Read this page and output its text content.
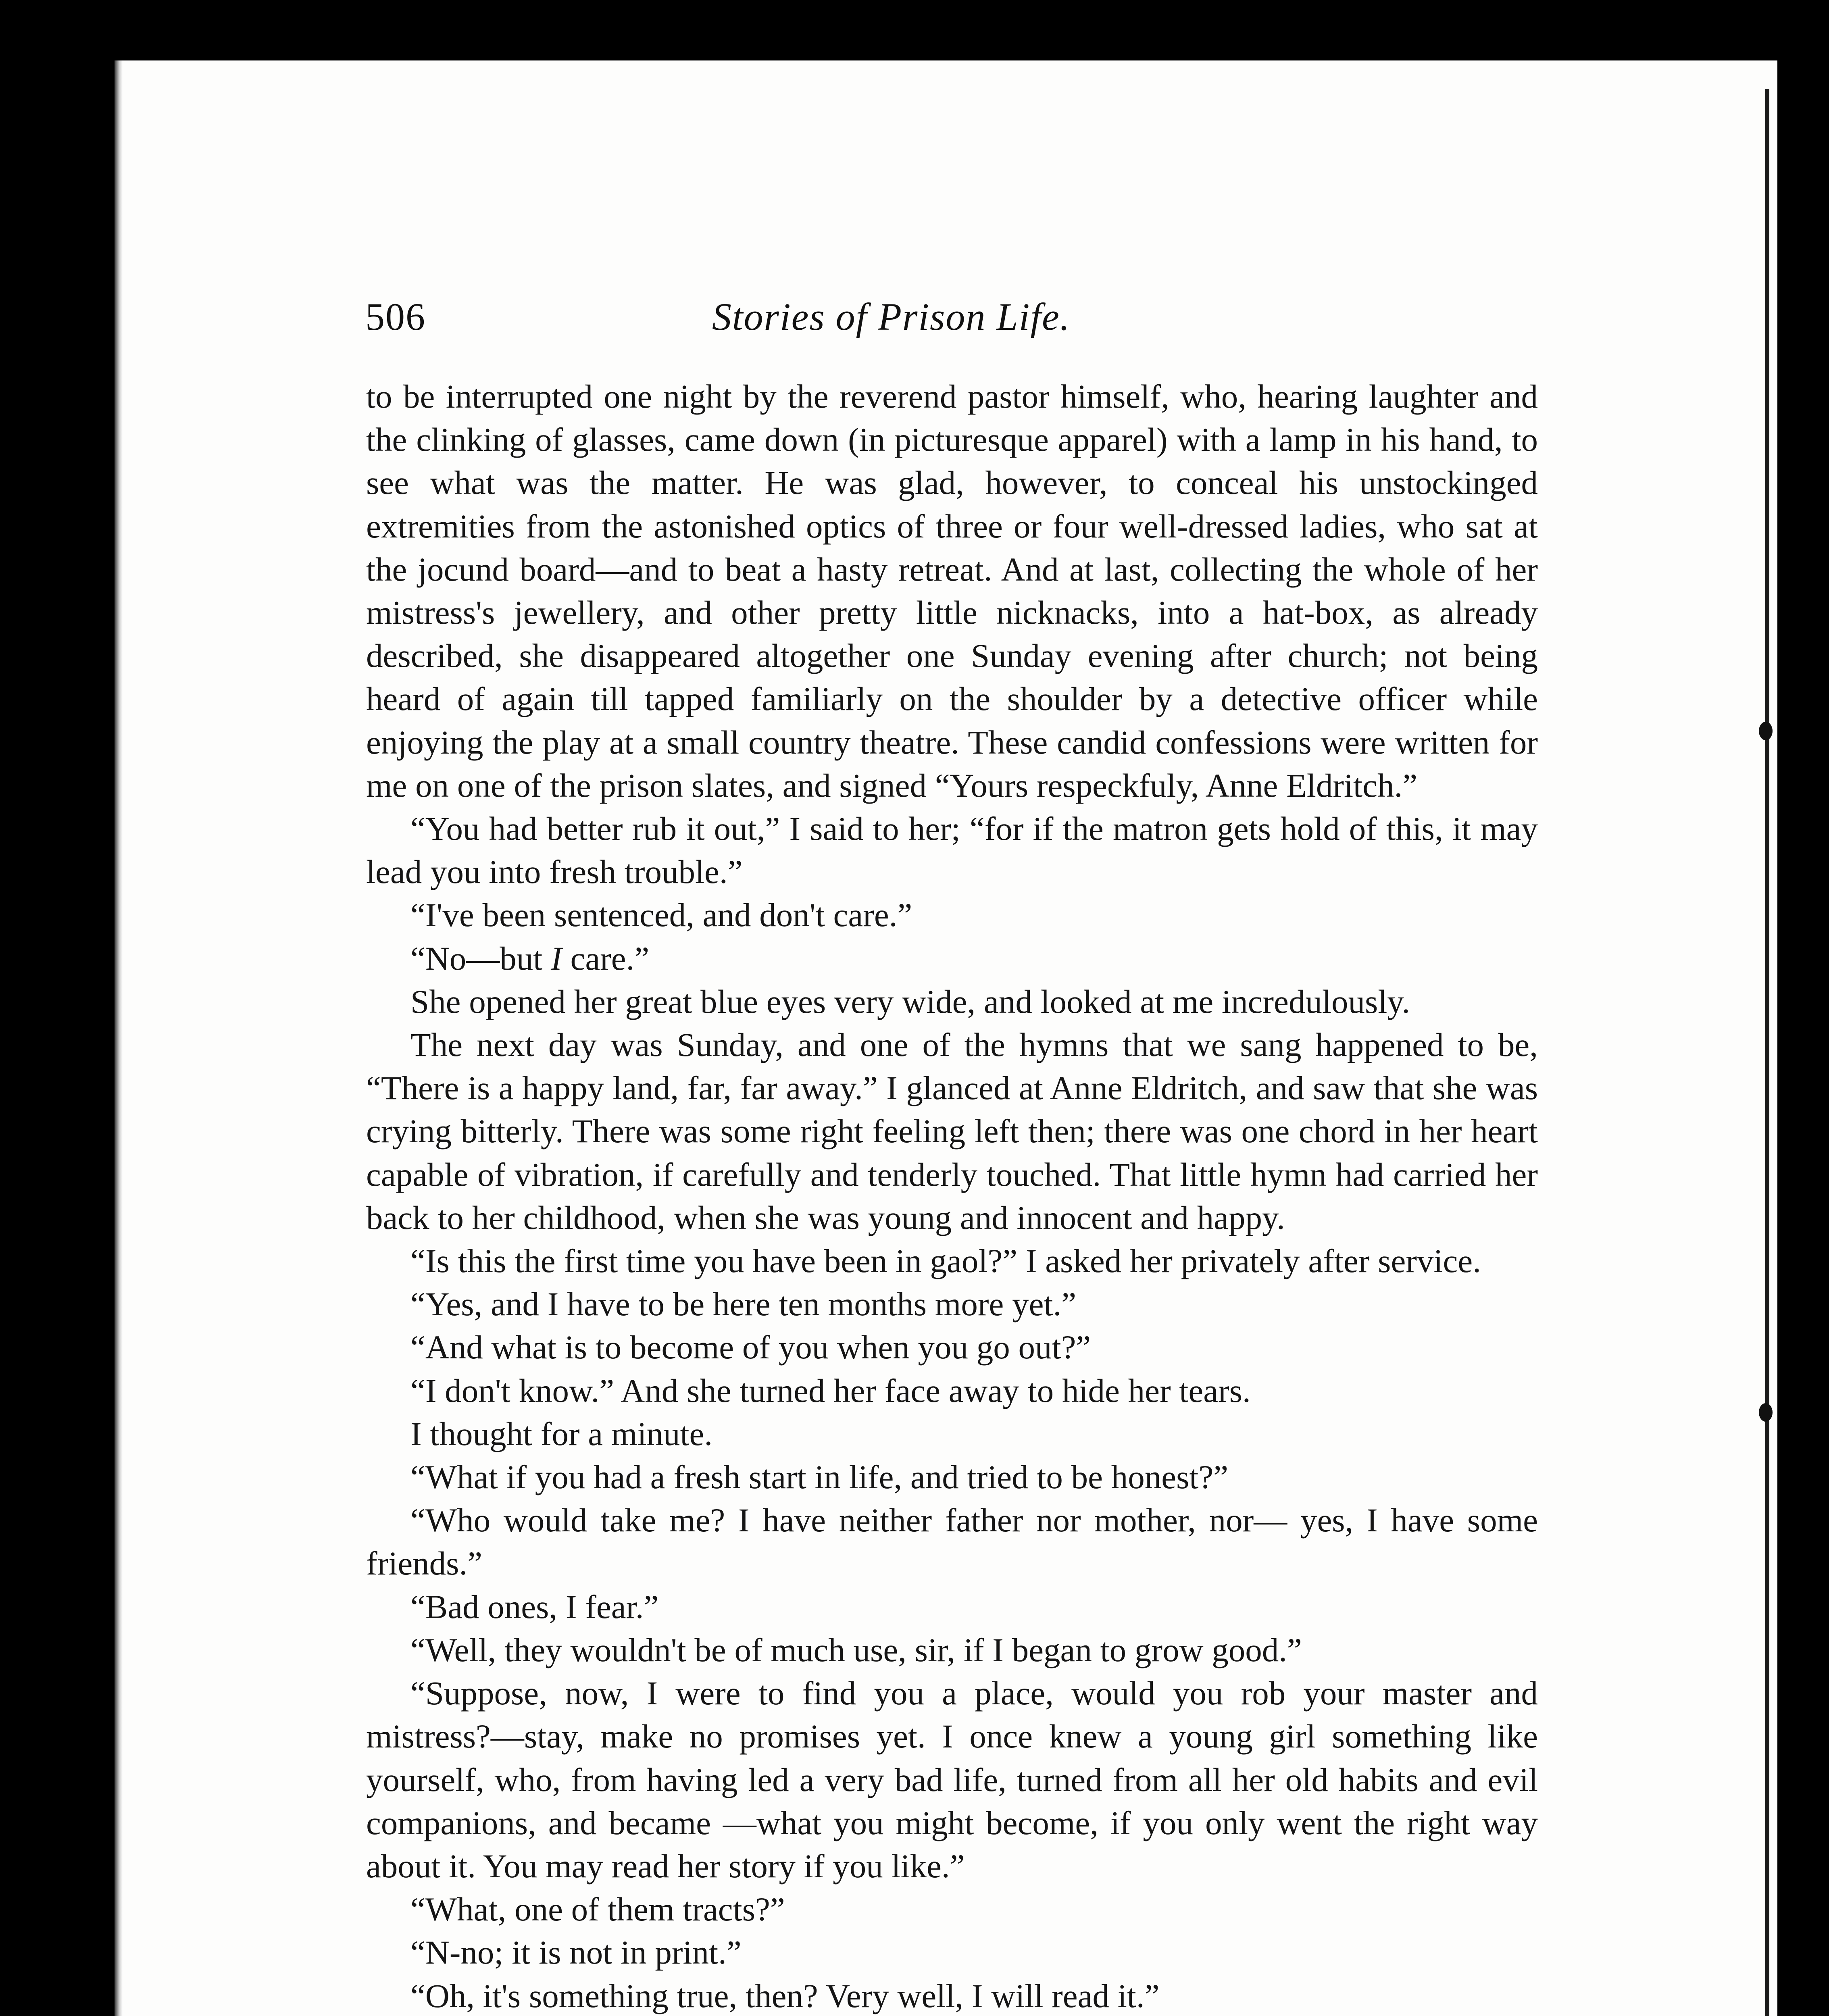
506	Stories of Prison Life.

to be interrupted one night by the reverend pastor himself, who, hearing laughter and the clinking of glasses, came down (in picturesque apparel) with a lamp in his hand, to see what was the matter. He was glad, however, to conceal his unstockinged extremities from the astonished optics of three or four well-dressed ladies, who sat at the jocund board—and to beat a hasty retreat. And at last, collecting the whole of her mistress's jewellery, and other pretty little nicknacks, into a hat-box, as already described, she disappeared altogether one Sunday evening after church; not being heard of again till tapped familiarly on the shoulder by a detective officer while enjoying the play at a small country theatre. These candid confessions were written for me on one of the prison slates, and signed “Yours respeckfuly, Anne Eldritch.”

“You had better rub it out,” I said to her; “for if the matron gets hold of this, it may lead you into fresh trouble.”

“I've been sentenced, and don't care.”

“No—but I care.”

She opened her great blue eyes very wide, and looked at me incredulously.

The next day was Sunday, and one of the hymns that we sang happened to be, “There is a happy land, far, far away.” I glanced at Anne Eldritch, and saw that she was crying bitterly. There was some right feeling left then; there was one chord in her heart capable of vibration, if carefully and tenderly touched. That little hymn had carried her back to her childhood, when she was young and innocent and happy.

“Is this the first time you have been in gaol?” I asked her privately after service.

“Yes, and I have to be here ten months more yet.”

“And what is to become of you when you go out?”

“I don't know.” And she turned her face away to hide her tears.

I thought for a minute.

“What if you had a fresh start in life, and tried to be honest?”

“Who would take me? I have neither father nor mother, nor— yes, I have some friends.”

“Bad ones, I fear.”

“Well, they wouldn't be of much use, sir, if I began to grow good.”

“Suppose, now, I were to find you a place, would you rob your master and mistress?—stay, make no promises yet. I once knew a young girl something like yourself, who, from having led a very bad life, turned from all her old habits and evil companions, and became —what you might become, if you only went the right way about it. You may read her story if you like.”

“What, one of them tracts?”

“N-no; it is not in print.”

“Oh, it's something true, then? Very well, I will read it.”
